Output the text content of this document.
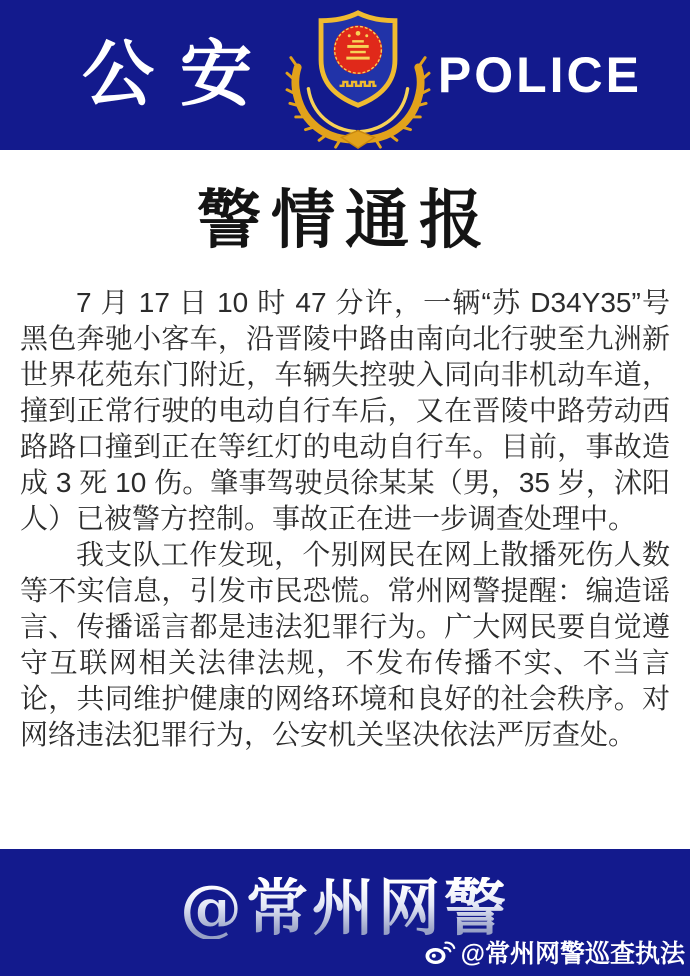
公安	POLICE
警情通报

7 月 17 日 10 时 47 分许，一辆“苏 D34Y35”号黑色奔驰小客车，沿晋陵中路由南向北行驶至九洲新世界花苑东门附近，车辆失控驶入同向非机动车道，撞到正常行驶的电动自行车后，又在晋陵中路劳动西路路口撞到正在等红灯的电动自行车。目前，事故造成 3 死 10 伤。肇事驾驶员徐某某（男，35 岁，沭阳人）已被警方控制。事故正在进一步调查处理中。

我支队工作发现，个别网民在网上散播死伤人数等不实信息，引发市民恐慌。常州网警提醒：编造谣言、传播谣言都是违法犯罪行为。广大网民要自觉遵守互联网相关法律法规，不发布传播不实、不当言论，共同维护健康的网络环境和良好的社会秩序。对网络违法犯罪行为，公安机关坚决依法严厉查处。

@常州网警
@常州网警巡查执法
